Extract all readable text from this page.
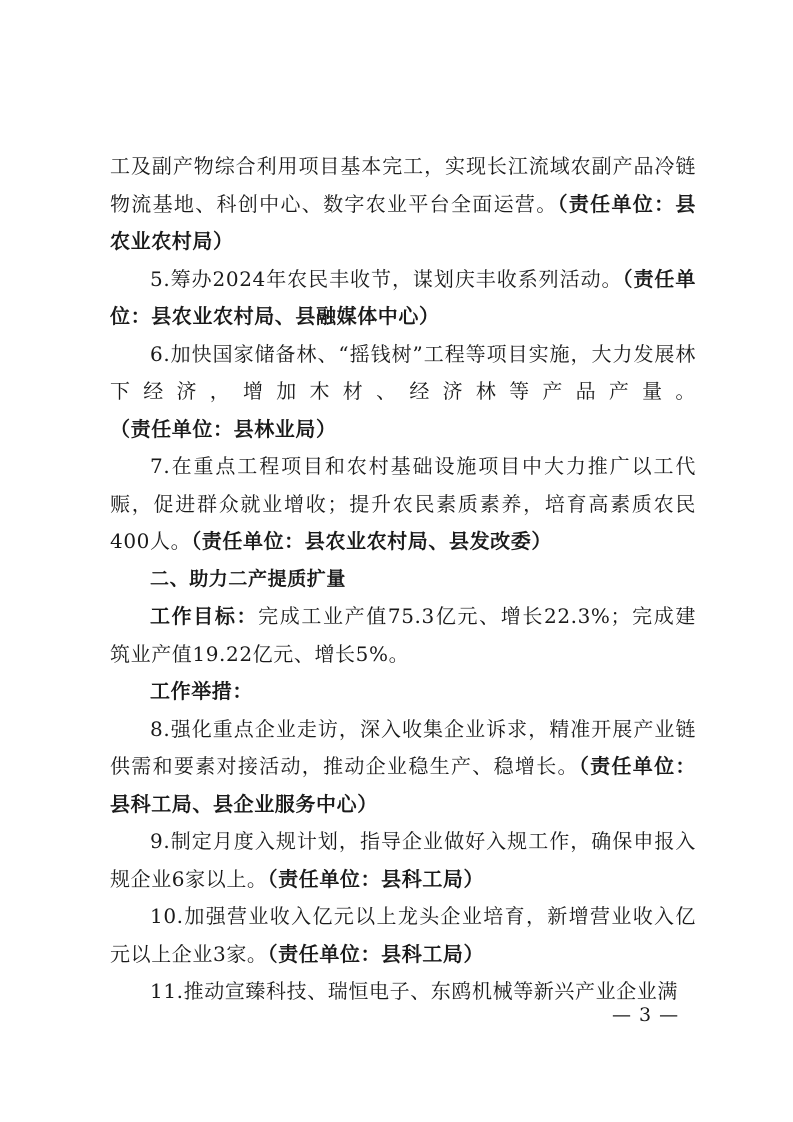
工及副产物综合利用项目基本完工，实现长江流域农副产品冷链物流基地、科创中心、数字农业平台全面运营。（责任单位：县农业农村局）

5.筹办2024年农民丰收节，谋划庆丰收系列活动。（责任单位：县农业农村局、县融媒体中心）

6.加快国家储备林、“摇钱树”工程等项目实施，大力发展林下经济，增加木材、经济林等产品产量。（责任单位：县林业局）

7.在重点工程项目和农村基础设施项目中大力推广以工代赈，促进群众就业增收；提升农民素质素养，培育高素质农民400人。（责任单位：县农业农村局、县发改委）

二、助力二产提质扩量

工作目标：完成工业产值75.3亿元、增长22.3%；完成建筑业产值19.22亿元、增长5%。

工作举措：

8.强化重点企业走访，深入收集企业诉求，精准开展产业链供需和要素对接活动，推动企业稳生产、稳增长。（责任单位：县科工局、县企业服务中心）

9.制定月度入规计划，指导企业做好入规工作，确保申报入规企业6家以上。（责任单位：县科工局）

10.加强营业收入亿元以上龙头企业培育，新增营业收入亿元以上企业3家。（责任单位：县科工局）

11.推动宣臻科技、瑞恒电子、东鸥机械等新兴产业企业满

— 3 —
